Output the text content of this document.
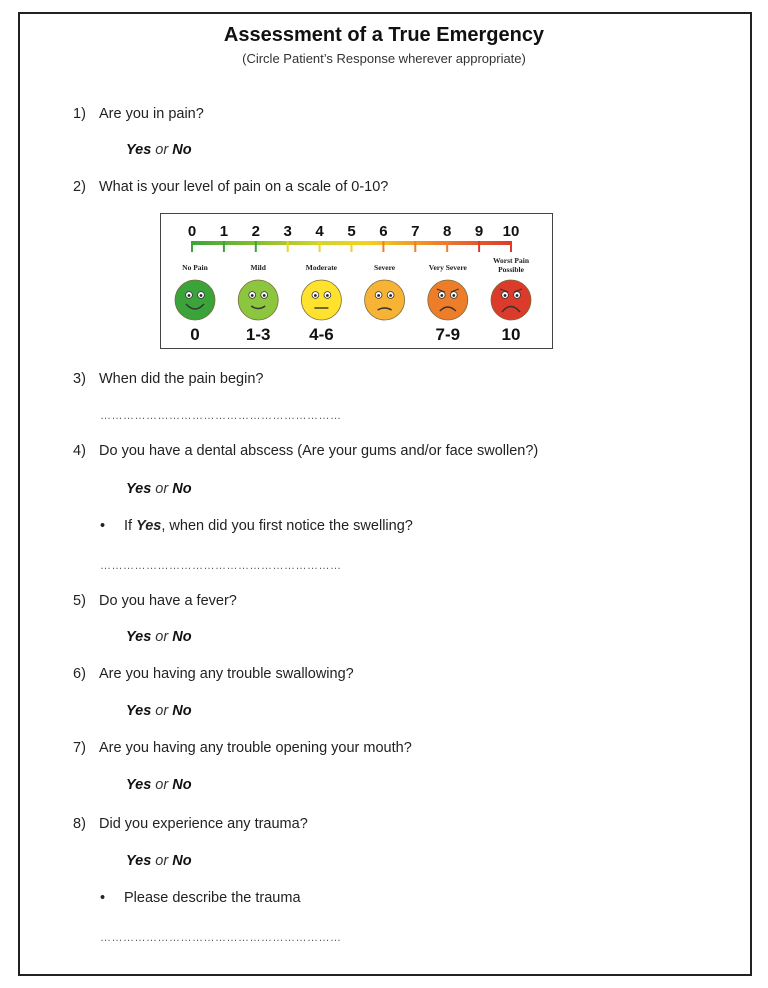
Assessment of a True Emergency
(Circle Patient’s Response wherever appropriate)
1) Are you in pain?
Yes or No
2) What is your level of pain on a scale of 0-10?
0 1 2 3 4 5 6 7 8 9 10
No Pain
0
Mild
1-3
Moderate
4-6
Severe	Very Severe
7-9
Worst Pain
Possible
10
3) When did the pain begin?
………………………………………………………
4) Do you have a dental abscess (Are your gums and/or face swollen?)
Yes or No
• If Yes, when did you first notice the swelling?
………………………………………………………
5) Do you have a fever?
Yes or No
6) Are you having any trouble swallowing?
Yes or No
7) Are you having any trouble opening your mouth?
Yes or No
8) Did you experience any trauma?
Yes or No
• Please describe the trauma
………………………………………………………
